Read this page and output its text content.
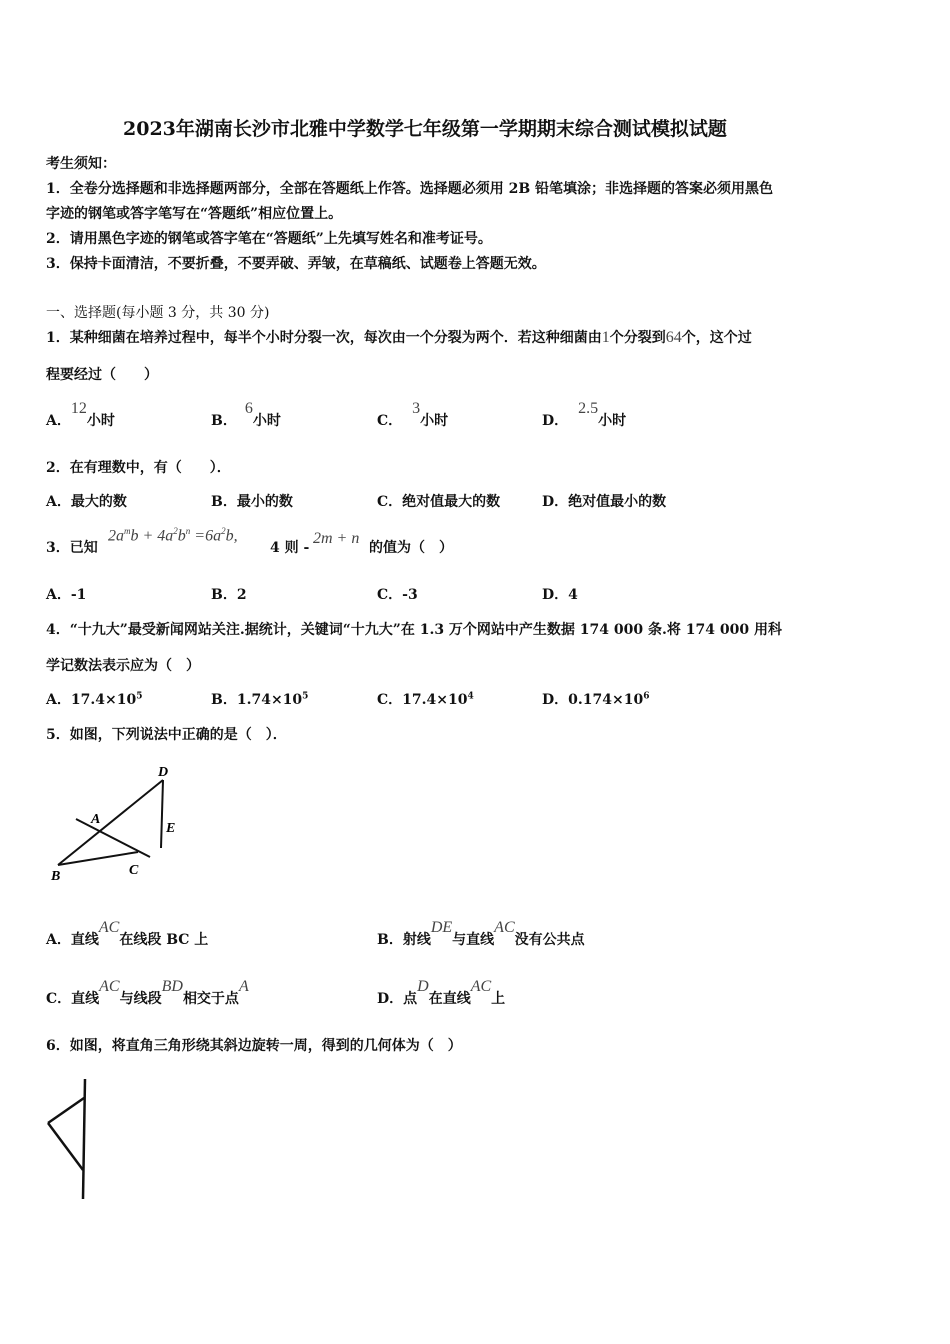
2023年湖南长沙市北雅中学数学七年级第一学期期末综合测试模拟试题
考生须知：
1．全卷分选择题和非选择题两部分，全部在答题纸上作答。选择题必须用 2B 铅笔填涂；非选择题的答案必须用黑色
字迹的钢笔或答字笔写在“答题纸”相应位置上。
2．请用黑色字迹的钢笔或答字笔在“答题纸”上先填写姓名和准考证号。
3．保持卡面清洁，不要折叠，不要弄破、弄皱，在草稿纸、试题卷上答题无效。
一、选择题(每小题 3 分，共 30 分)
1．某种细菌在培养过程中，每半个小时分裂一次，每次由一个分裂为两个．若这种细菌由1个分裂到64个，这个过
程要经过（　　）
A．12小时	B．6小时	C．3小时	D．2.5小时
2．在有理数中，有（　　）．
A．最大的数	B．最小的数	C．绝对值最大的数	D．绝对值最小的数
3．已知
$2a^mb + 4a^2b^n =6a^2b$,
4 则 -
2m + n
的值为（　）
A．-1	B．2	C．-3	D．4
4．“十九大”最受新闻网站关注.据统计，关键词“十九大”在 1.3 万个网站中产生数据 174 000 条.将 174 000 用科
学记数法表示应为（　）
A．$17.4\times 10^5$	B．$1.74\times 10^5$	C．$17.4\times 10^4$	D．$0.174\times 10^6$
5．如图，下列说法中正确的是（　）．
D
A
E
B	C
A．直线AC在线段 BC 上	B．射线DE与直线AC没有公共点
C．直线AC与线段BD相交于点A
D．点D在直线AC上
6．如图，将直角三角形绕其斜边旋转一周，得到的几何体为（　）
